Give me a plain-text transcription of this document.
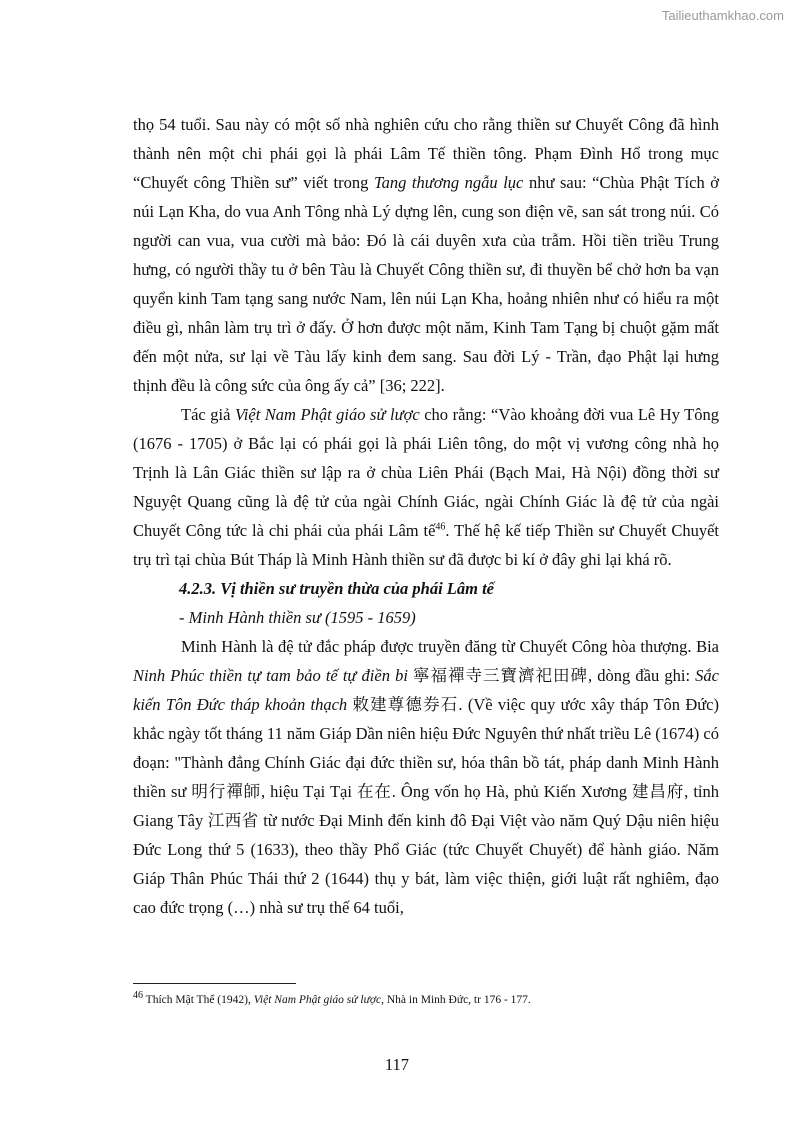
Tailieuthamkhao.com

thọ 54 tuổi. Sau này có một số nhà nghiên cứu cho rằng thiền sư Chuyết Công đã hình thành nên một chi phái gọi là phái Lâm Tế thiền tông. Phạm Đình Hổ trong mục “Chuyết công Thiền sư” viết trong Tang thương ngẫu lục như sau: “Chùa Phật Tích ở núi Lạn Kha, do vua Anh Tông nhà Lý dựng lên, cung son điện vẽ, san sát trong núi. Có người can vua, vua cười mà bảo: Đó là cái duyên xưa của trẫm. Hồi tiền triều Trung hưng, có người thầy tu ở bên Tàu là Chuyết Công thiền sư, đi thuyền bể chở hơn ba vạn quyển kinh Tam tạng sang nước Nam, lên núi Lạn Kha, hoảng nhiên như có hiểu ra một điều gì, nhân làm trụ trì ở đấy. Ở hơn được một năm, Kinh Tam Tạng bị chuột gặm mất đến một nửa, sư lại về Tàu lấy kinh đem sang. Sau đời Lý - Trần, đạo Phật lại hưng thịnh đều là công sức của ông ấy cả” [36; 222].

Tác giả Việt Nam Phật giáo sử lược cho rằng: “Vào khoảng đời vua Lê Hy Tông (1676 - 1705) ở Bắc lại có phái gọi là phái Liên tông, do một vị vương công nhà họ Trịnh là Lân Giác thiền sư lập ra ở chùa Liên Phái (Bạch Mai, Hà Nội) đồng thời sư Nguyệt Quang cũng là đệ tử của ngài Chính Giác, ngài Chính Giác là đệ tử của ngài Chuyết Công tức là chi phái của phái Lâm tế$^{46}$. Thế hệ kế tiếp Thiền sư Chuyết Chuyết trụ trì tại chùa Bút Tháp là Minh Hành thiền sư đã được bi kí ở đây ghi lại khá rõ.

4.2.3. Vị thiền sư truyền thừa của phái Lâm tế
- Minh Hành thiền sư (1595 - 1659)

Minh Hành là đệ tử đắc pháp được truyền đăng từ Chuyết Công hòa thượng. Bia Ninh Phúc thiền tự tam bảo tế tự điền bi 寧福禪寺三寶濟祀田碑, dòng đầu ghi: Sắc kiến Tôn Đức tháp khoản thạch 敕建尊德券石. (Về việc quy ước xây tháp Tôn Đức) khắc ngày tốt tháng 11 năm Giáp Dần niên hiệu Đức Nguyên thứ nhất triều Lê (1674) có đoạn: "Thành đẳng Chính Giác đại đức thiền sư, hóa thân bồ tát, pháp danh Minh Hành thiền sư 明行禪師, hiệu Tại Tại 在在. Ông vốn họ Hà, phủ Kiến Xương 建昌府, tỉnh Giang Tây 江西省 từ nước Đại Minh đến kinh đô Đại Việt vào năm Quý Dậu niên hiệu Đức Long thứ 5 (1633), theo thầy Phổ Giác (tức Chuyết Chuyết) để hành giáo. Năm Giáp Thân Phúc Thái thứ 2 (1644) thụ y bát, làm việc thiện, giới luật rất nghiêm, đạo cao đức trọng (…) nhà sư trụ thế 64 tuổi,

$^{46}$ Thích Mật Thể (1942), Việt Nam Phật giáo sử lược, Nhà in Minh Đức, tr 176 - 177.
117
